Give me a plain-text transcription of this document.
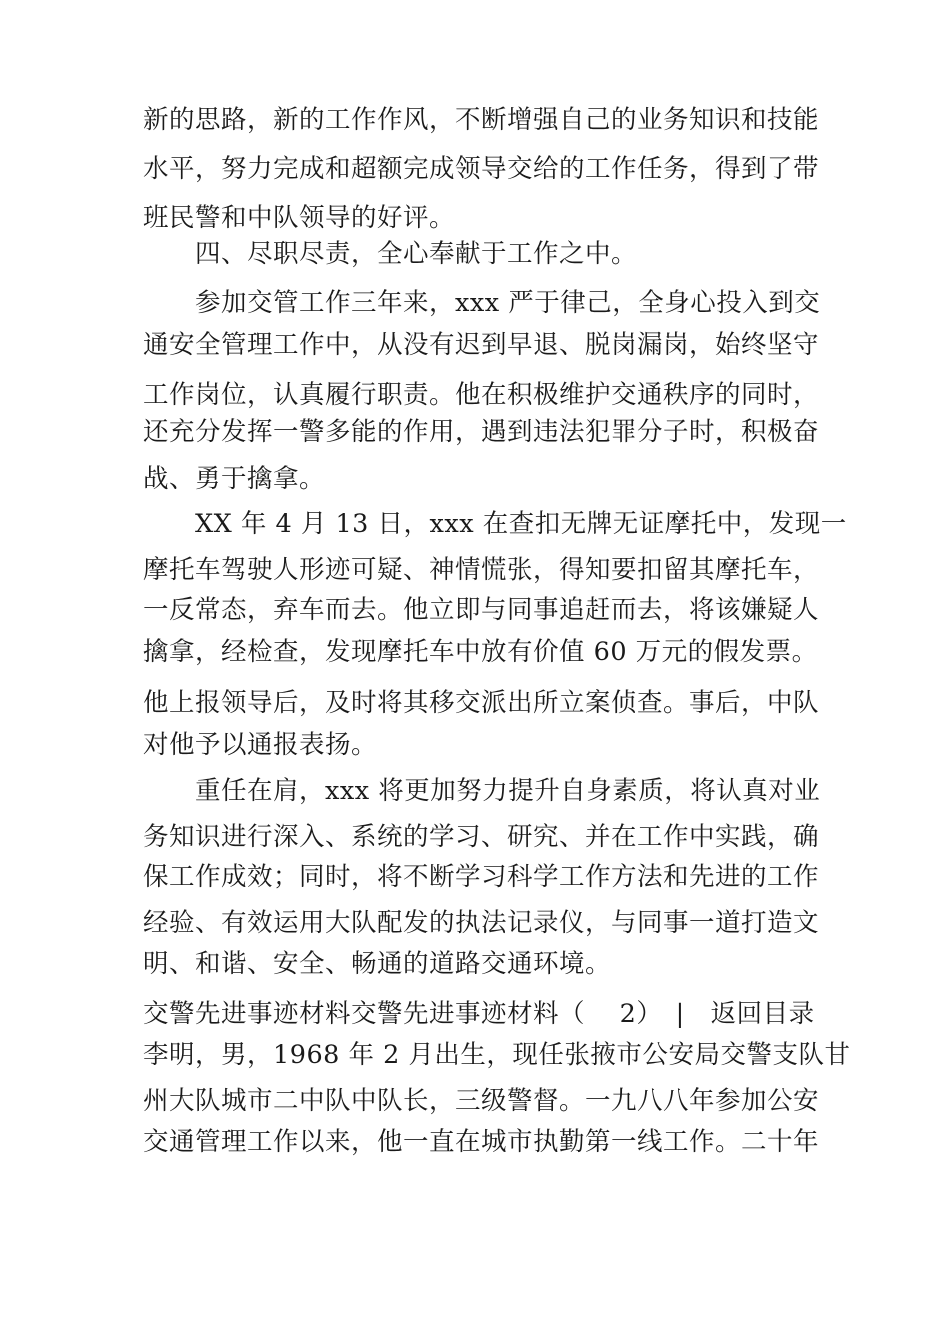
新的思路，新的工作作风，不断增强自己的业务知识和技能
水平，努力完成和超额完成领导交给的工作任务，得到了带
班民警和中队领导的好评。
四、尽职尽责，全心奉献于工作之中。
参加交管工作三年来，xxx 严于律己，全身心投入到交
通安全管理工作中，从没有迟到早退、脱岗漏岗，始终坚守
工作岗位，认真履行职责。他在积极维护交通秩序的同时，
还充分发挥一警多能的作用，遇到违法犯罪分子时，积极奋
战、勇于擒拿。
XX 年 4 月 13 日，xxx 在查扣无牌无证摩托中，发现一
摩托车驾驶人形迹可疑、神情慌张，得知要扣留其摩托车，
一反常态，弃车而去。他立即与同事追赶而去，将该嫌疑人
擒拿，经检查，发现摩托车中放有价值 60 万元的假发票。
他上报领导后，及时将其移交派出所立案侦查。事后，中队
对他予以通报表扬。
重任在肩，xxx 将更加努力提升自身素质，将认真对业
务知识进行深入、系统的学习、研究、并在工作中实践，确
保工作成效；同时，将不断学习科学工作方法和先进的工作
经验、有效运用大队配发的执法记录仪，与同事一道打造文
明、和谐、安全、畅通的道路交通环境。
交警先进事迹材料交警先进事迹材料（　 2）　|　返回目录
李明，男，1968 年 2 月出生，现任张掖市公安局交警支队甘
州大队城市二中队中队长，三级警督。一九八八年参加公安
交通管理工作以来，他一直在城市执勤第一线工作。二十年
